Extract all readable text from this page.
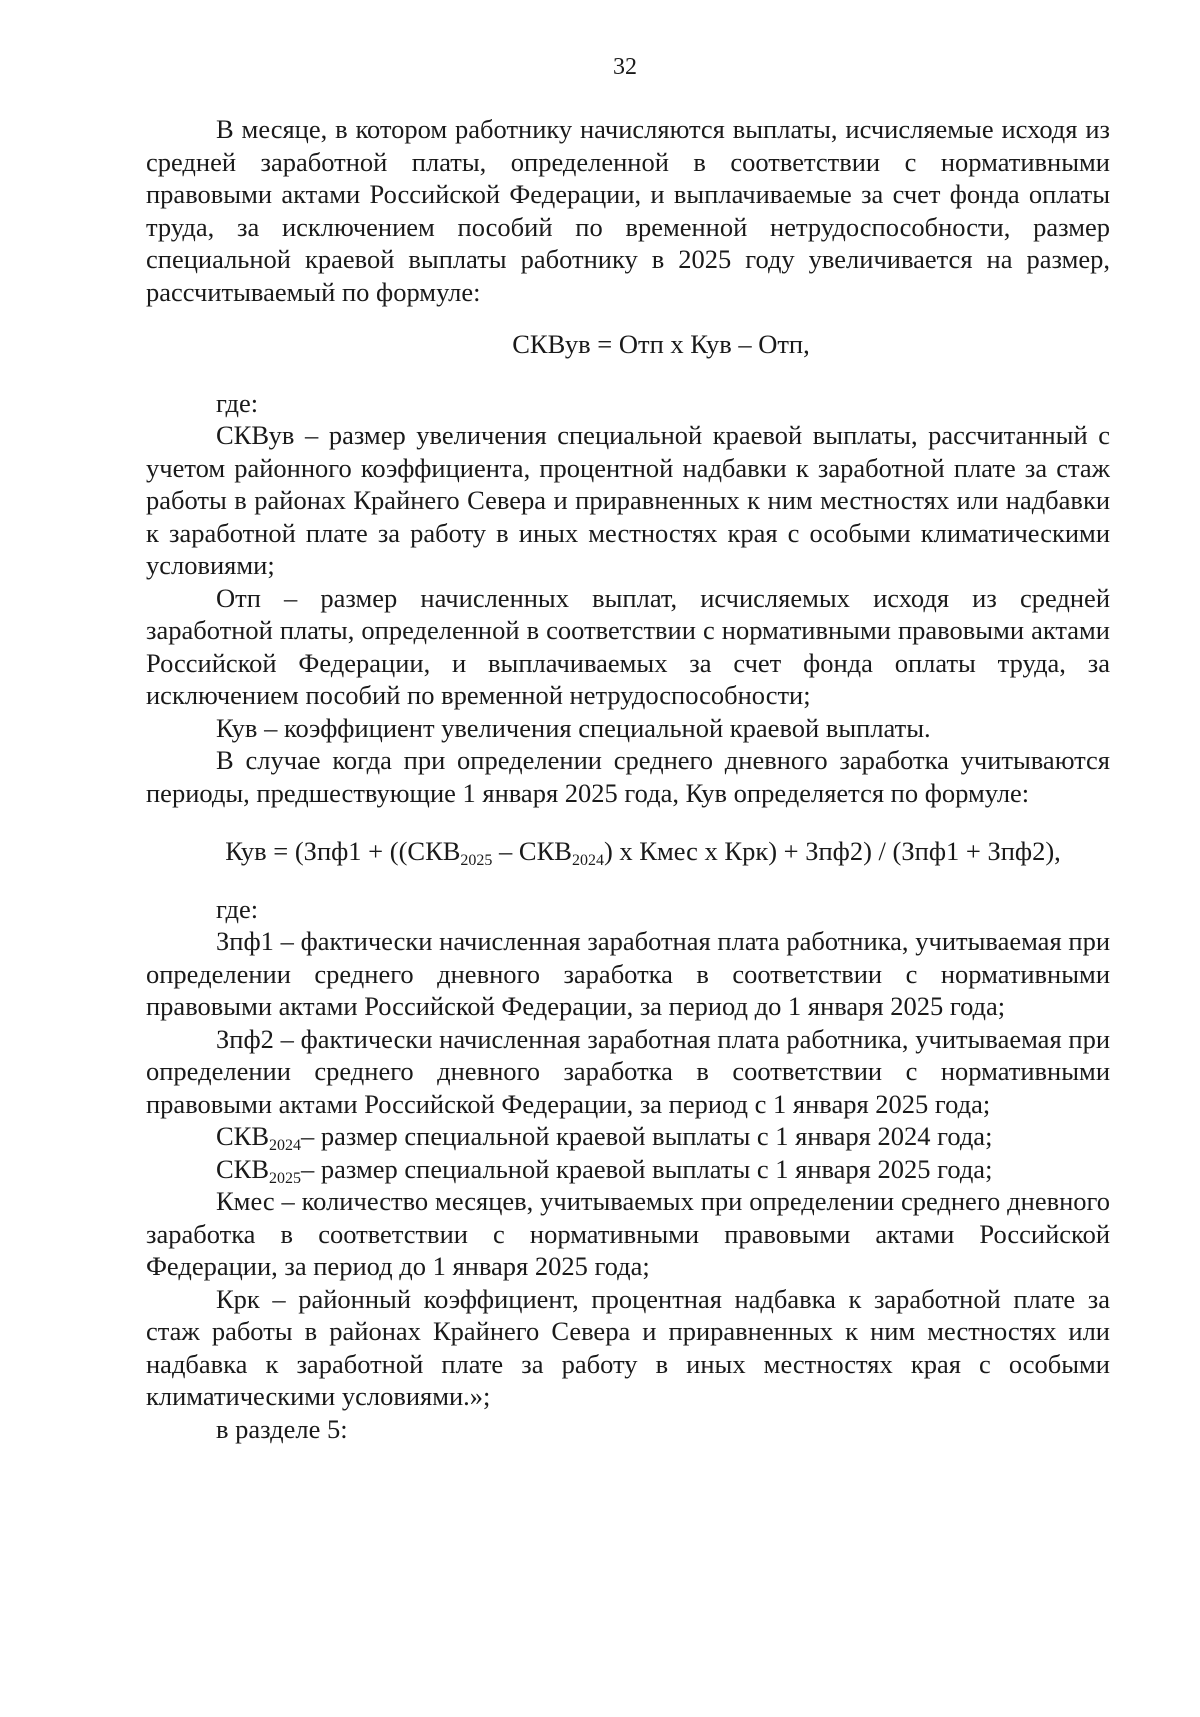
32

В месяце, в котором работнику начисляются выплаты, исчисляемые исходя из средней заработной платы, определенной в соответствии с нормативными правовыми актами Российской Федерации, и выплачиваемые за счет фонда оплаты труда, за исключением пособий по временной нетрудоспособности, размер специальной краевой выплаты работнику в 2025 году увеличивается на размер, рассчитываемый по формуле:

СКВув = Отп х Кув – Отп,

где:

СКВув – размер увеличения специальной краевой выплаты, рассчитанный с учетом районного коэффициента, процентной надбавки к заработной плате за стаж работы в районах Крайнего Севера и приравненных к ним местностях или надбавки к заработной плате за работу в иных местностях края с особыми климатическими условиями;

Отп – размер начисленных выплат, исчисляемых исходя из средней заработной платы, определенной в соответствии с нормативными правовыми актами Российской Федерации, и выплачиваемых за счет фонда оплаты труда, за исключением пособий по временной нетрудоспособности;

Кув – коэффициент увеличения специальной краевой выплаты.

В случае когда при определении среднего дневного заработка учитываются периоды, предшествующие 1 января 2025 года, Кув определяется по формуле:

Кув = ($Зпф1 + ((СКВ_{2025} - СКВ_{2024})$ х Кмес х Крк) + Зпф2) / (Зпф1 + Зпф2),

где:

Зпф1 – фактически начисленная заработная плата работника, учитываемая при определении среднего дневного заработка в соответствии с нормативными правовыми актами Российской Федерации, за период до 1 января 2025 года;

Зпф2 – фактически начисленная заработная плата работника, учитываемая при определении среднего дневного заработка в соответствии с нормативными правовыми актами Российской Федерации, за период с 1 января 2025 года;

$СКВ_{2024}-$ размер специальной краевой выплаты с 1 января 2024 года;

$СКВ_{2025}-$ размер специальной краевой выплаты с 1 января 2025 года;

Кмес – количество месяцев, учитываемых при определении среднего дневного заработка в соответствии с нормативными правовыми актами Российской Федерации, за период до 1 января 2025 года;

Крк – районный коэффициент, процентная надбавка к заработной плате за стаж работы в районах Крайнего Севера и приравненных к ним местностях или надбавка к заработной плате за работу в иных местностях края с особыми климатическими условиями.»;

в разделе 5:
